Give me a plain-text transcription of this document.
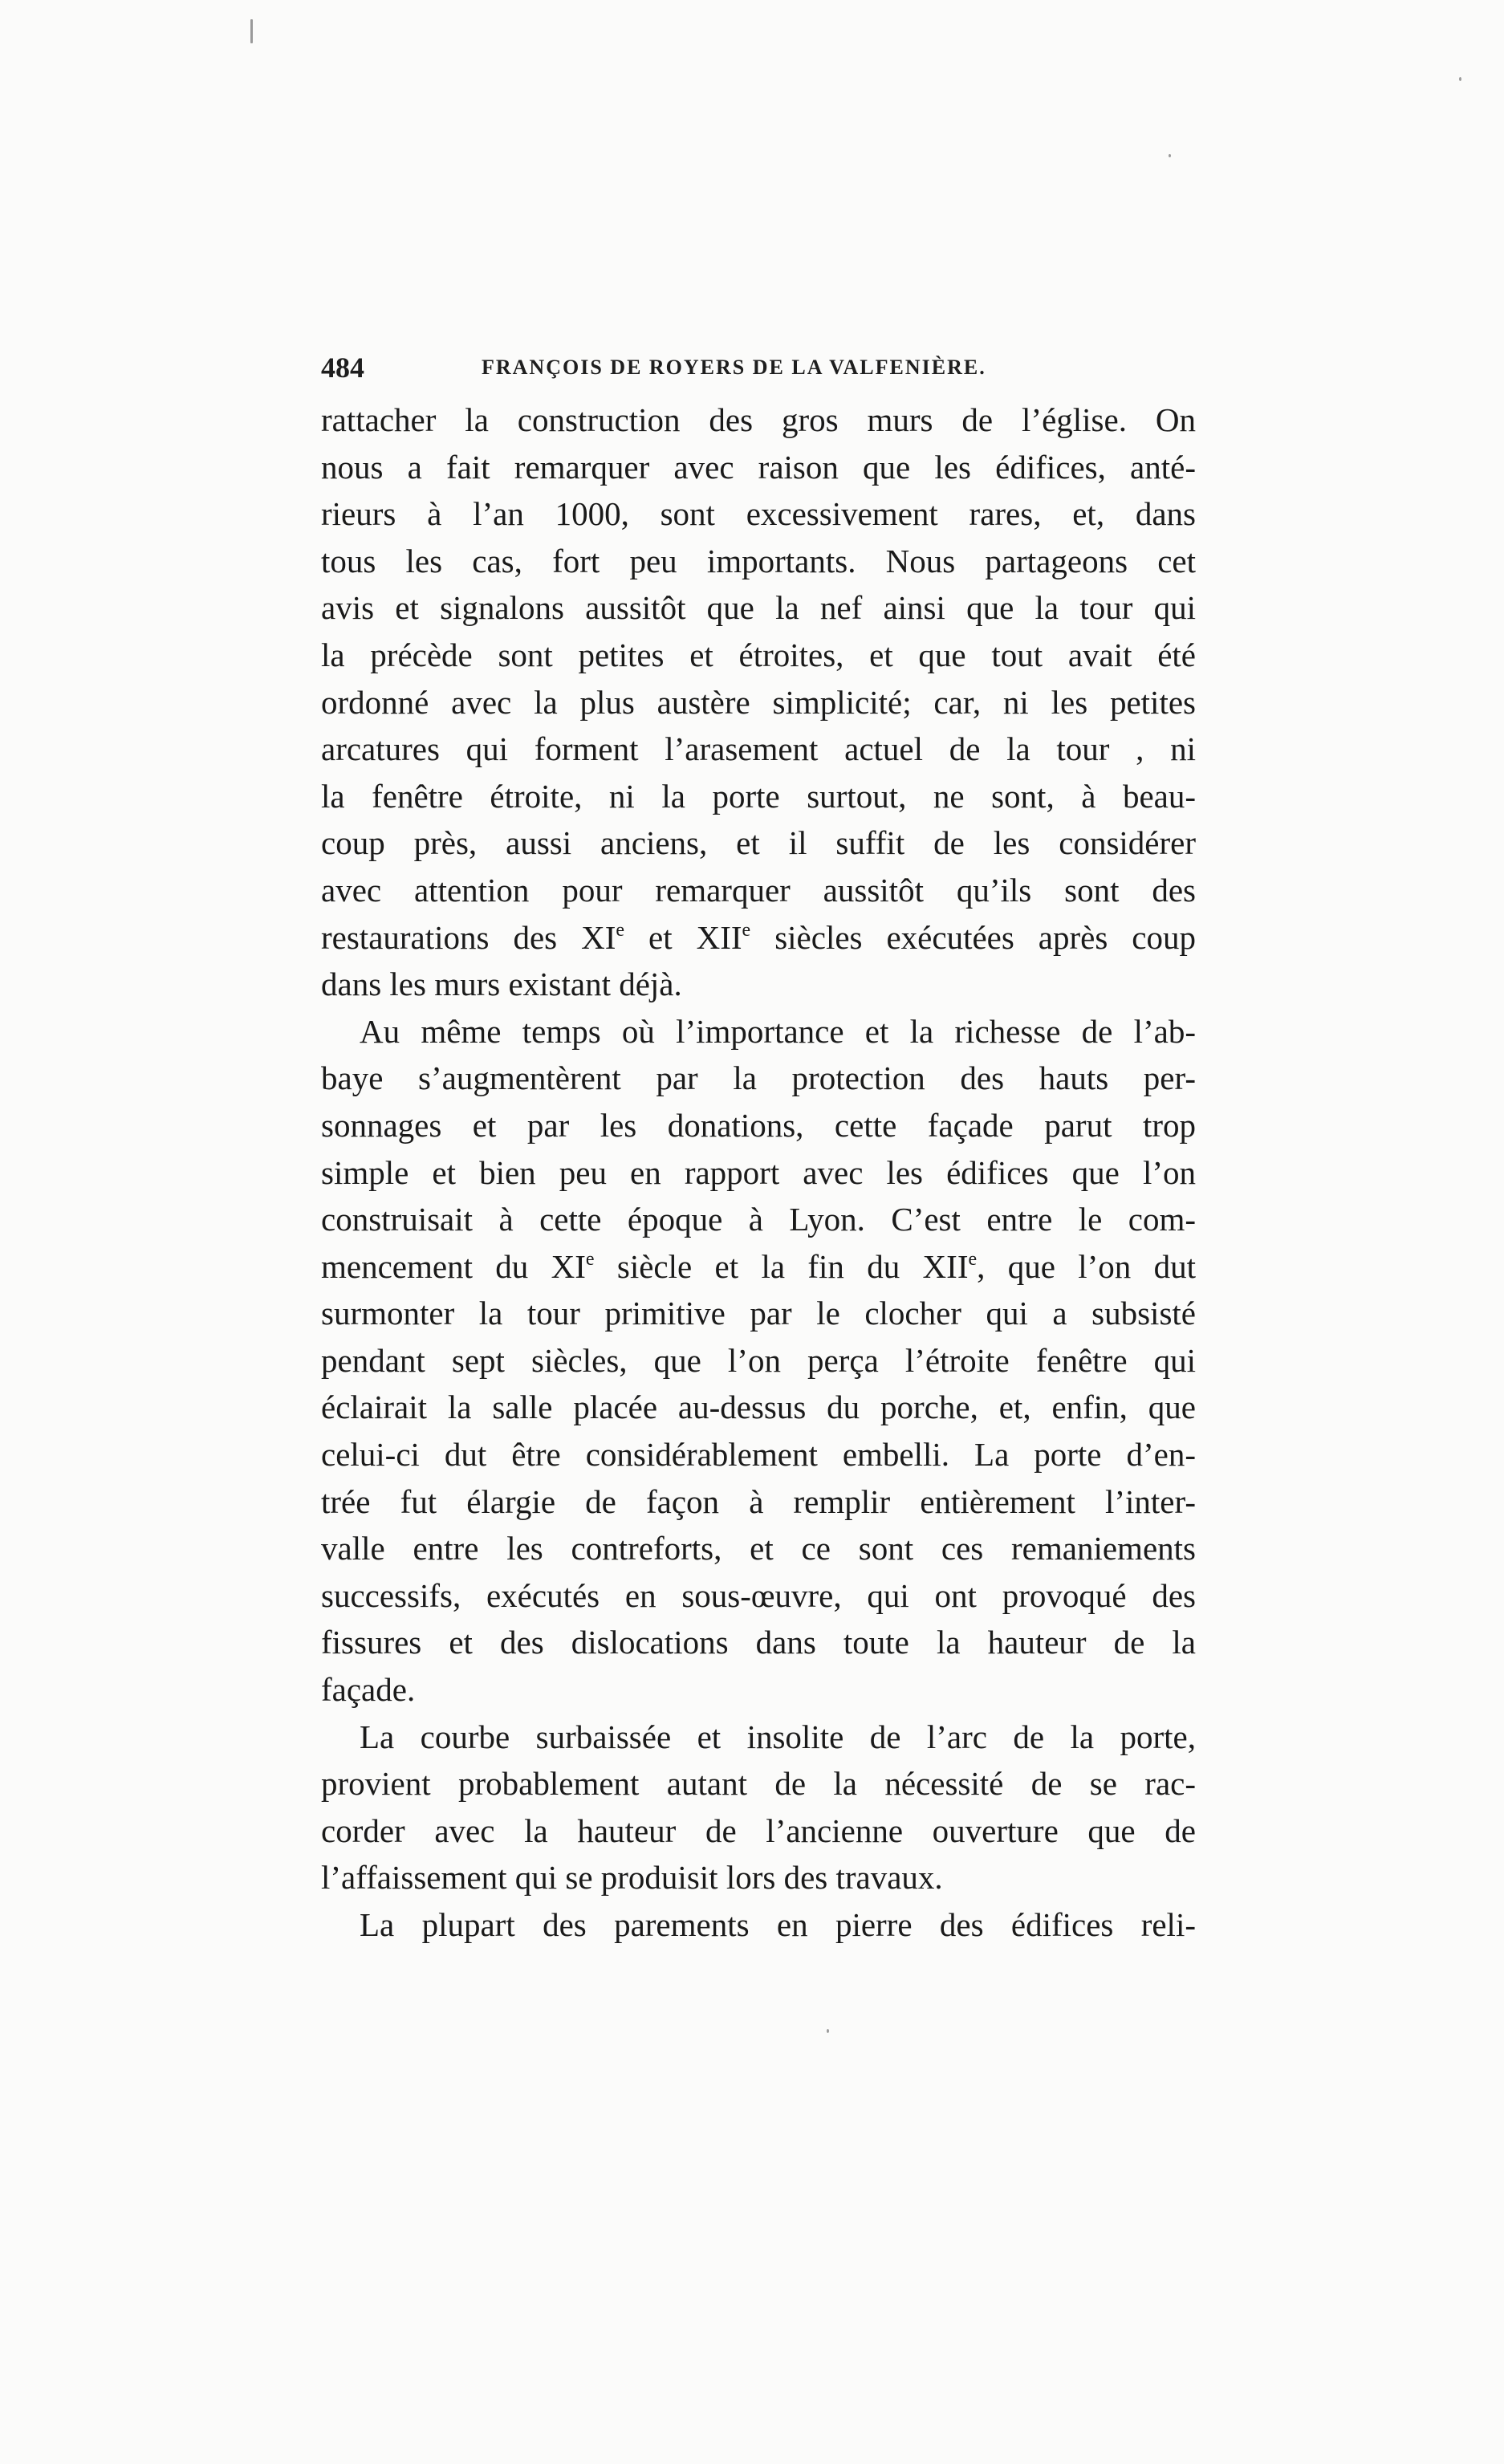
484	FRANÇOIS DE ROYERS DE LA VALFENIÈRE.
rattacher la construction des gros murs de l’église. On
nous a fait remarquer avec raison que les édifices, anté-
rieurs à l’an 1000, sont excessivement rares, et, dans
tous les cas, fort peu importants. Nous partageons cet
avis et signalons aussitôt que la nef ainsi que la tour qui
la précède sont petites et étroites, et que tout avait été
ordonné avec la plus austère simplicité; car, ni les petites
arcatures qui forment l’arasement actuel de la tour , ni
la fenêtre étroite, ni la porte surtout, ne sont, à beau-
coup près, aussi anciens, et il suffit de les considérer
avec attention pour remarquer aussitôt qu’ils sont des
restaurations des XIe et XIIe siècles exécutées après coup
dans les murs existant déjà.
Au même temps où l’importance et la richesse de l’ab-
baye s’augmentèrent par la protection des hauts per-
sonnages et par les donations, cette façade parut trop
simple et bien peu en rapport avec les édifices que l’on
construisait à cette époque à Lyon. C’est entre le com-
mencement du XIe siècle et la fin du XIIe, que l’on dut
surmonter la tour primitive par le clocher qui a subsisté
pendant sept siècles, que l’on perça l’étroite fenêtre qui
éclairait la salle placée au-dessus du porche, et, enfin, que
celui-ci dut être considérablement embelli. La porte d’en-
trée fut élargie de façon à remplir entièrement l’inter-
valle entre les contreforts, et ce sont ces remaniements
successifs, exécutés en sous-œuvre, qui ont provoqué des
fissures et des dislocations dans toute la hauteur de la
façade.
La courbe surbaissée et insolite de l’arc de la porte,
provient probablement autant de la nécessité de se rac-
corder avec la hauteur de l’ancienne ouverture que de
l’affaissement qui se produisit lors des travaux.
La plupart des parements en pierre des édifices reli-
